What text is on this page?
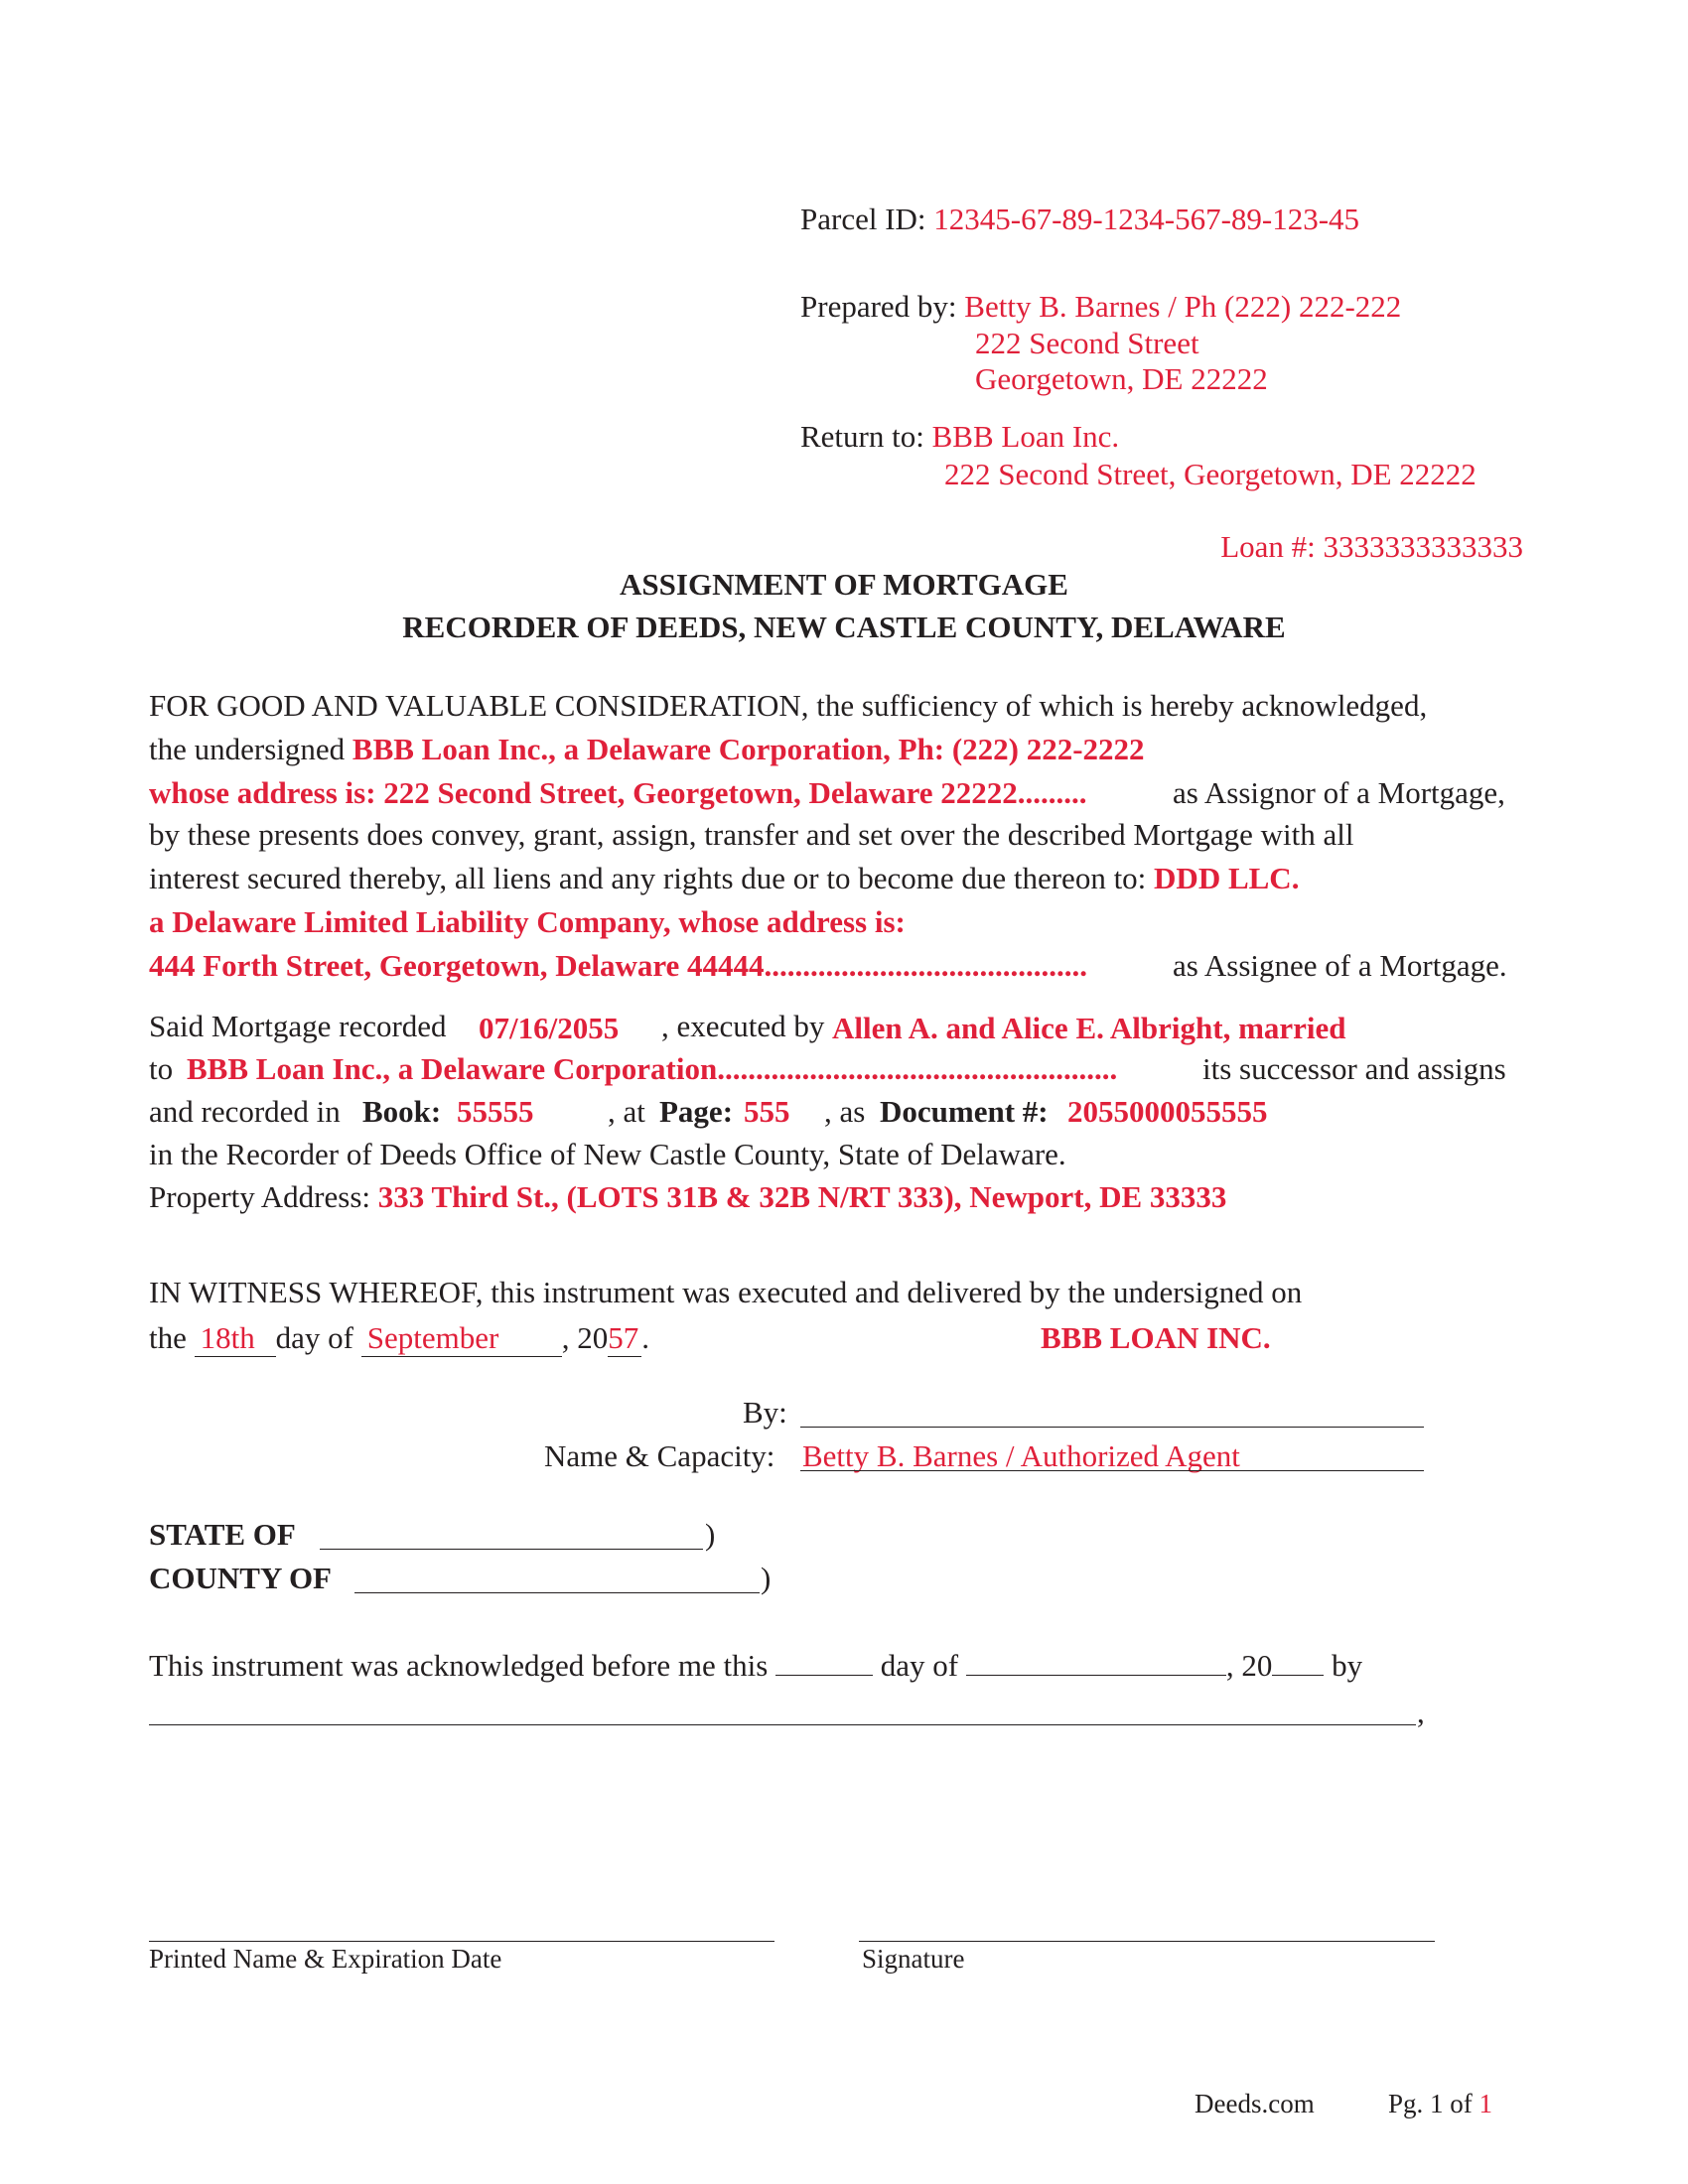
Parcel ID: 12345-67-89-1234-567-89-123-45
Prepared by: Betty B. Barnes / Ph (222) 222-222
222 Second Street
Georgetown, DE 22222
Return to: BBB Loan Inc.
222 Second Street, Georgetown, DE 22222
Loan #: 3333333333333
ASSIGNMENT OF MORTGAGE
RECORDER OF DEEDS, NEW CASTLE COUNTY, DELAWARE
FOR GOOD AND VALUABLE CONSIDERATION, the sufficiency of which is hereby acknowledged,
the undersigned BBB Loan Inc., a Delaware Corporation, Ph: (222) 222-2222
whose address is: 222 Second Street, Georgetown, Delaware 22222.........	as Assignor of a Mortgage,
by these presents does convey, grant, assign, transfer and set over the described Mortgage with all
interest secured thereby, all liens and any rights due or to become due thereon to: DDD LLC.
a Delaware Limited Liability Company, whose address is:
444 Forth Street, Georgetown, Delaware 44444..........................................	as Assignee of a Mortgage.
Said Mortgage recorded 07/16/2055 , executed by Allen A. and Alice E. Albright, married
to BBB Loan Inc., a Delaware Corporation....................................................	its successor and assigns
and recorded in Book: 55555 , at Page: 555 , as Document #: 2055000055555
in the Recorder of Deeds Office of New Castle County, State of Delaware.
Property Address: 333 Third St., (LOTS 31B & 32B N/RT 333), Newport, DE 33333
IN WITNESS WHEREOF, this instrument was executed and delivered by the undersigned on
the 18th day of September , 2057.	BBB LOAN INC.
By:
Name & Capacity: Betty B. Barnes / Authorized Agent
STATE OF	)
COUNTY OF	)
This instrument was acknowledged before me this	day of	, 20 by
,
Printed Name & Expiration Date	Signature
Deeds.com	Pg. 1 of 1
